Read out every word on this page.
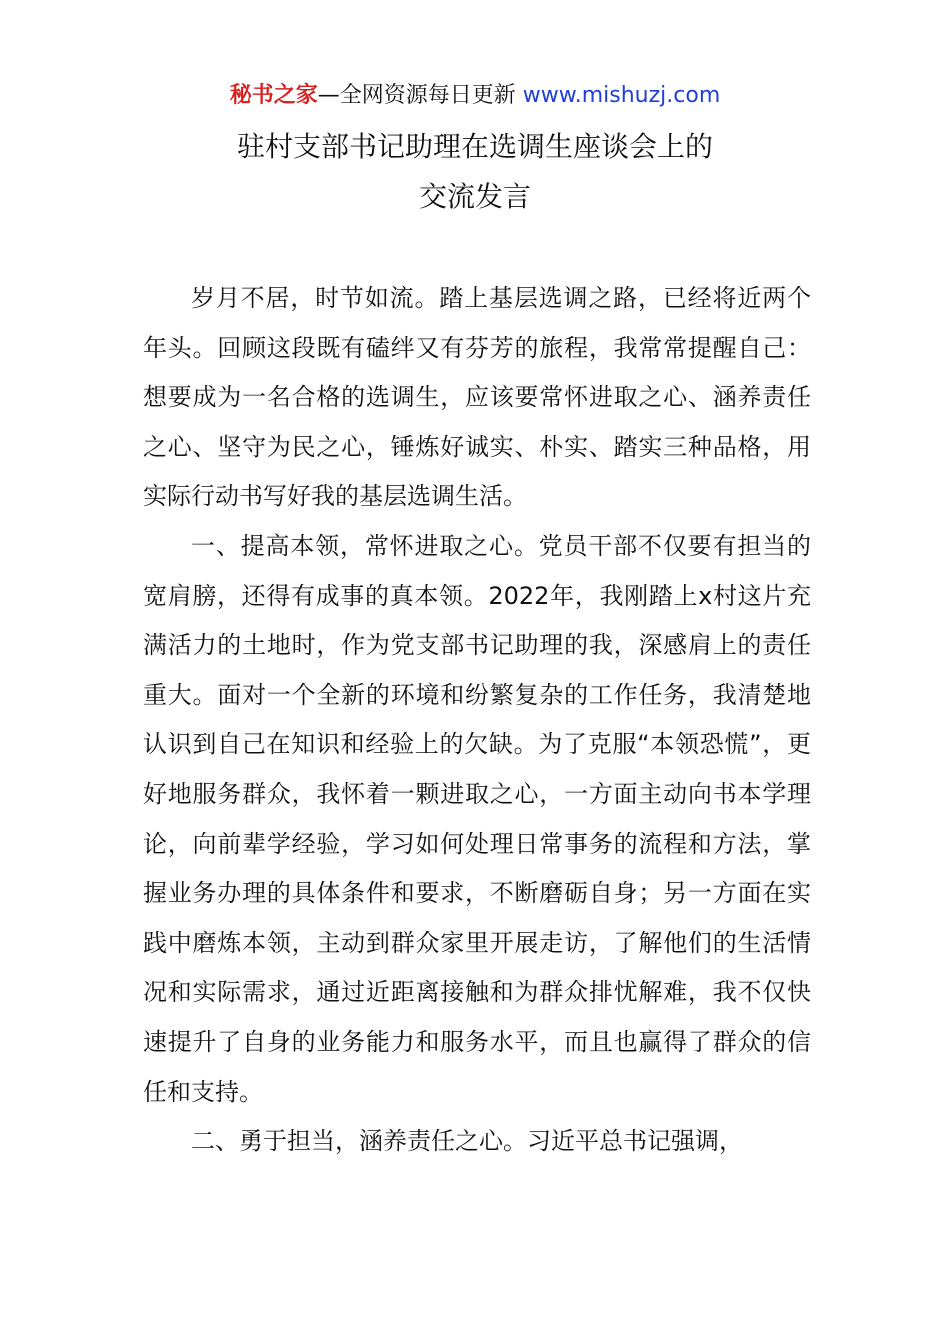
秘书之家—全网资源每日更新 www.mishuzj.com
驻村支部书记助理在选调生座谈会上的
交流发言

岁月不居，时节如流。踏上基层选调之路，已经将近两个年头。回顾这段既有磕绊又有芬芳的旅程，我常常提醒自己：想要成为一名合格的选调生，应该要常怀进取之心、涵养责任之心、坚守为民之心，锤炼好诚实、朴实、踏实三种品格，用实际行动书写好我的基层选调生活。

一、提高本领，常怀进取之心。党员干部不仅要有担当的宽肩膀，还得有成事的真本领。2022年，我刚踏上x村这片充满活力的土地时，作为党支部书记助理的我，深感肩上的责任重大。面对一个全新的环境和纷繁复杂的工作任务，我清楚地认识到自己在知识和经验上的欠缺。为了克服“本领恐慌”，更好地服务群众，我怀着一颗进取之心，一方面主动向书本学理论，向前辈学经验，学习如何处理日常事务的流程和方法，掌握业务办理的具体条件和要求，不断磨砺自身；另一方面在实践中磨炼本领，主动到群众家里开展走访，了解他们的生活情况和实际需求，通过近距离接触和为群众排忧解难，我不仅快速提升了自身的业务能力和服务水平，而且也赢得了群众的信任和支持。

二、勇于担当，涵养责任之心。习近平总书记强调，
